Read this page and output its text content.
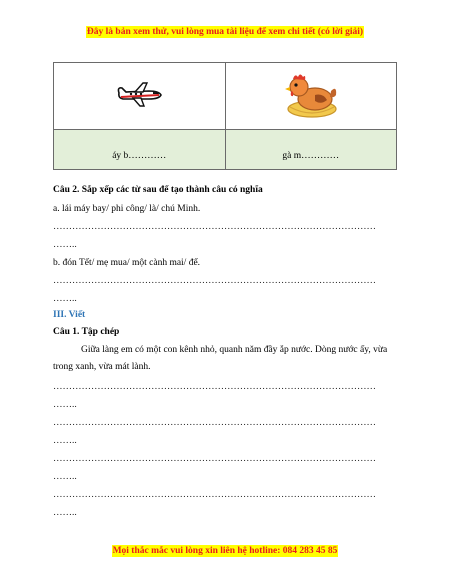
Đây là bản xem thử, vui lòng mua tài liệu để xem chi tiết (có lời giải)

áy b…………	gà m…………
Câu 2. Sắp xếp các từ sau để tạo thành câu có nghĩa
a. lái máy bay/ phi công/ là/ chú Minh.
…………………………………………………………………………………………
……..
b. đón Tết/ mẹ mua/ một cành mai/ để.
…………………………………………………………………………………………
……..
III. Viết
Câu 1. Tập chép
Giữa làng em có một con kênh nhỏ, quanh năm đầy ắp nước. Dòng nước ấy, vừa trong xanh, vừa mát lành.
…………………………………………………………………………………………
……..
…………………………………………………………………………………………
……..
…………………………………………………………………………………………
……..
…………………………………………………………………………………………
……..
Mọi thắc mắc vui lòng xin liên hệ hotline: 084 283 45 85
